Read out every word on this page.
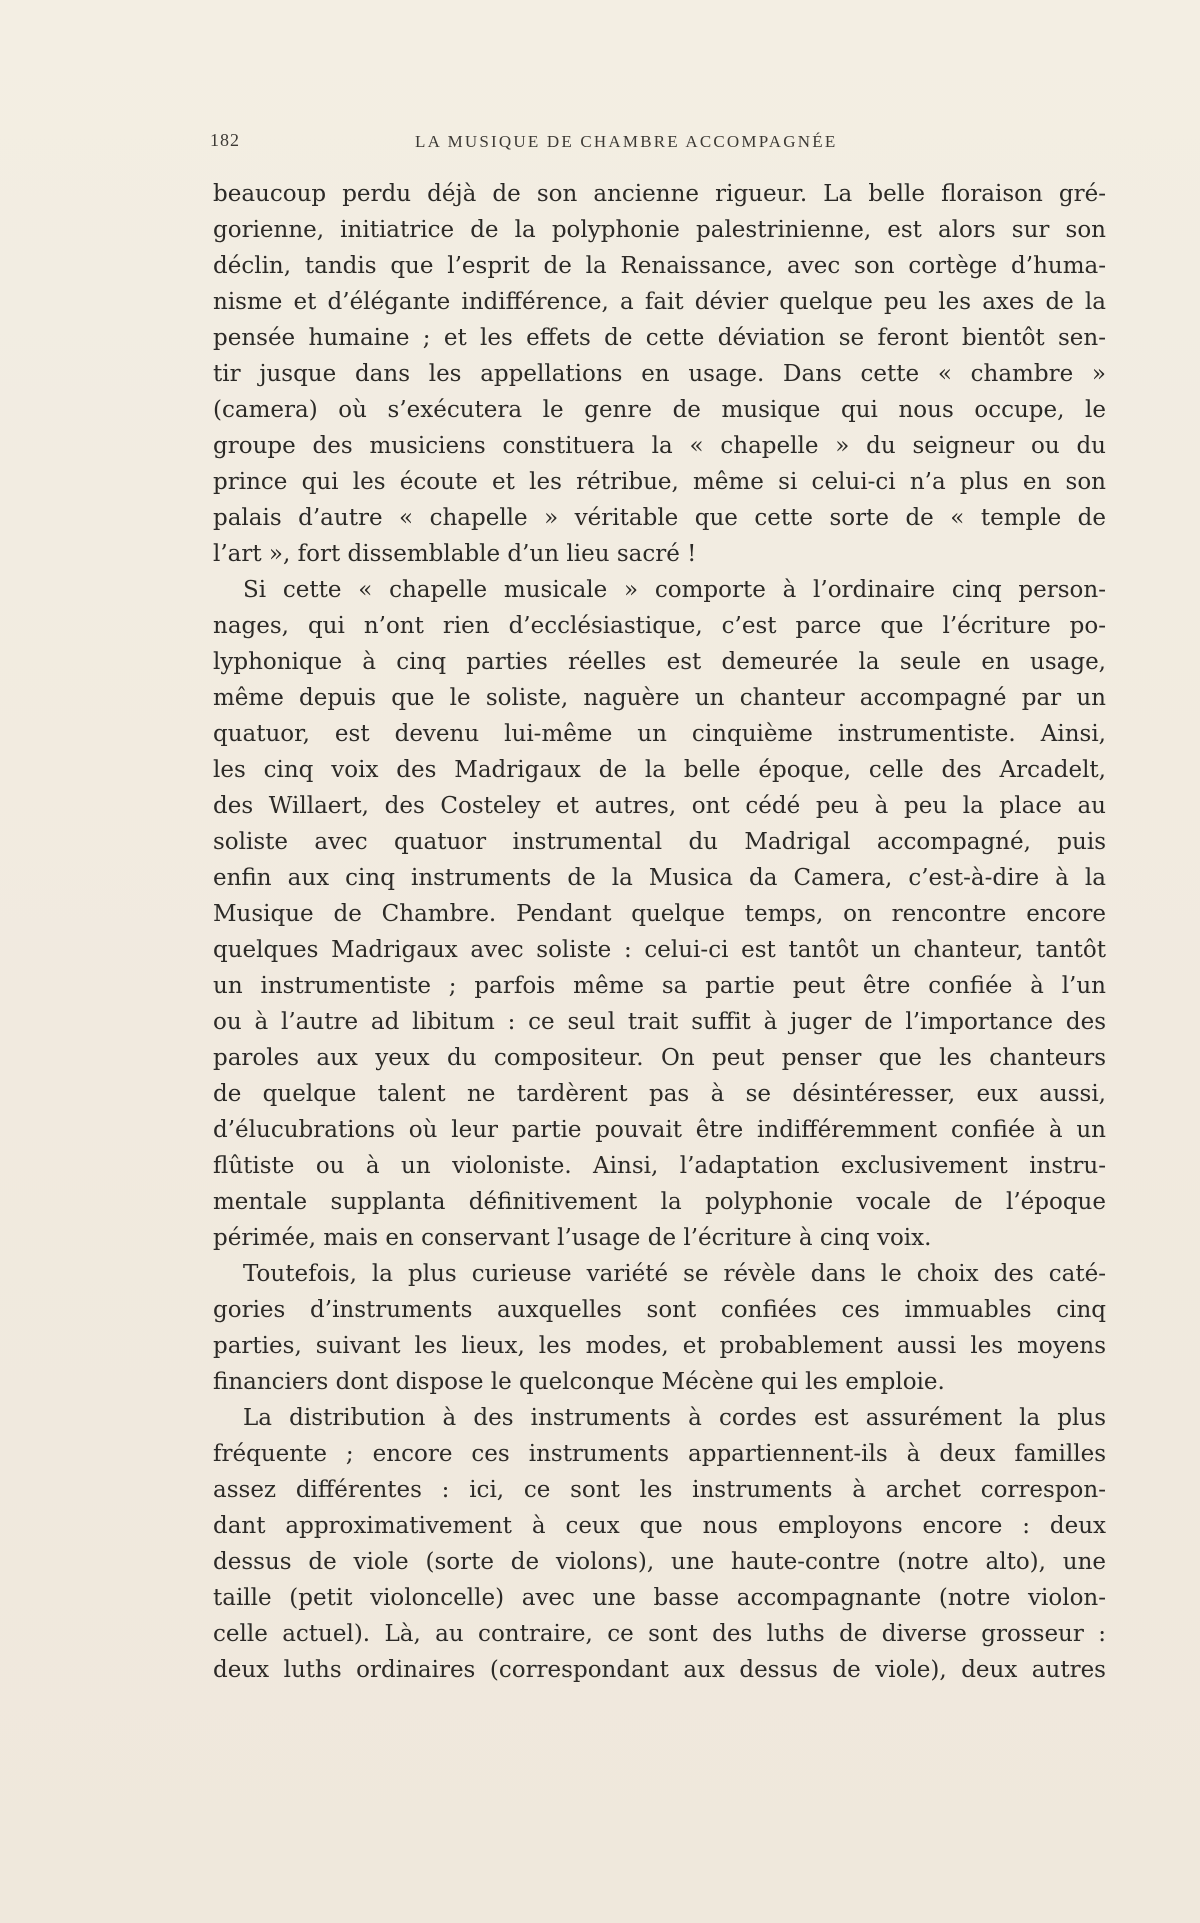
182	LA MUSIQUE DE CHAMBRE ACCOMPAGNÉE
beaucoup perdu déjà de son ancienne rigueur. La belle floraison gré-
gorienne, initiatrice de la polyphonie palestrinienne, est alors sur son
déclin, tandis que l’esprit de la Renaissance, avec son cortège d’huma-
nisme et d’élégante indifférence, a fait dévier quelque peu les axes de la
pensée humaine ; et les effets de cette déviation se feront bientôt sen-
tir jusque dans les appellations en usage. Dans cette « chambre »
(camera) où s’exécutera le genre de musique qui nous occupe, le
groupe des musiciens constituera la « chapelle » du seigneur ou du
prince qui les écoute et les rétribue, même si celui-ci n’a plus en son
palais d’autre « chapelle » véritable que cette sorte de « temple de
l’art », fort dissemblable d’un lieu sacré !
Si cette « chapelle musicale » comporte à l’ordinaire cinq person-
nages, qui n’ont rien d’ecclésiastique, c’est parce que l’écriture po-
lyphonique à cinq parties réelles est demeurée la seule en usage,
même depuis que le soliste, naguère un chanteur accompagné par un
quatuor, est devenu lui-même un cinquième instrumentiste. Ainsi,
les cinq voix des Madrigaux de la belle époque, celle des Arcadelt,
des Willaert, des Costeley et autres, ont cédé peu à peu la place au
soliste avec quatuor instrumental du Madrigal accompagné, puis
enfin aux cinq instruments de la Musica da Camera, c’est-à-dire à la
Musique de Chambre. Pendant quelque temps, on rencontre encore
quelques Madrigaux avec soliste : celui-ci est tantôt un chanteur, tantôt
un instrumentiste ; parfois même sa partie peut être confiée à l’un
ou à l’autre ad libitum : ce seul trait suffit à juger de l’importance des
paroles aux yeux du compositeur. On peut penser que les chanteurs
de quelque talent ne tardèrent pas à se désintéresser, eux aussi,
d’élucubrations où leur partie pouvait être indifféremment confiée à un
flûtiste ou à un violoniste. Ainsi, l’adaptation exclusivement instru-
mentale supplanta définitivement la polyphonie vocale de l’époque
périmée, mais en conservant l’usage de l’écriture à cinq voix.
Toutefois, la plus curieuse variété se révèle dans le choix des caté-
gories d’instruments auxquelles sont confiées ces immuables cinq
parties, suivant les lieux, les modes, et probablement aussi les moyens
financiers dont dispose le quelconque Mécène qui les emploie.
La distribution à des instruments à cordes est assurément la plus
fréquente ; encore ces instruments appartiennent-ils à deux familles
assez différentes : ici, ce sont les instruments à archet correspon-
dant approximativement à ceux que nous employons encore : deux
dessus de viole (sorte de violons), une haute-contre (notre alto), une
taille (petit violoncelle) avec une basse accompagnante (notre violon-
celle actuel). Là, au contraire, ce sont des luths de diverse grosseur :
deux luths ordinaires (correspondant aux dessus de viole), deux autres
